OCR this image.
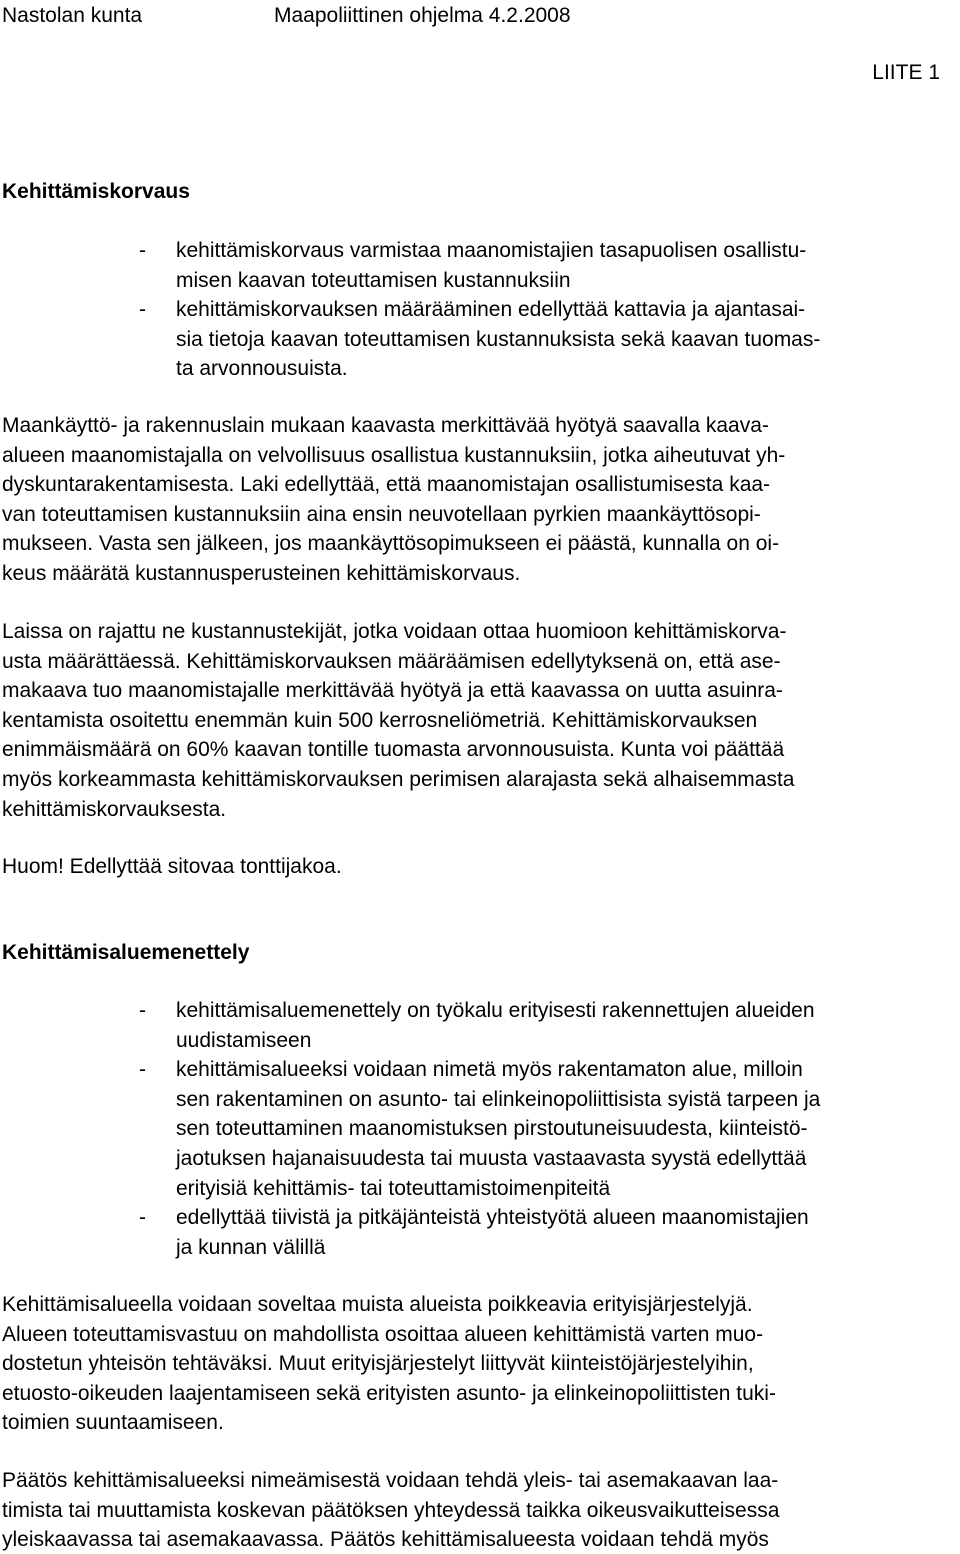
Nastolan kunta	Maapoliittinen ohjelma 4.2.2008
LIITE 1
Kehittämiskorvaus
- kehittämiskorvaus varmistaa maanomistajien tasapuolisen osallistu-
misen kaavan toteuttamisen kustannuksiin
- kehittämiskorvauksen määrääminen edellyttää kattavia ja ajantasai-
sia tietoja kaavan toteuttamisen kustannuksista sekä kaavan tuomas-
ta arvonnousuista.
Maankäyttö- ja rakennuslain mukaan kaavasta merkittävää hyötyä saavalla kaava-
alueen maanomistajalla on velvollisuus osallistua kustannuksiin, jotka aiheutuvat yh-
dyskuntarakentamisesta. Laki edellyttää, että maanomistajan osallistumisesta kaa-
van toteuttamisen kustannuksiin aina ensin neuvotellaan pyrkien maankäyttösopi-
mukseen. Vasta sen jälkeen, jos maankäyttösopimukseen ei päästä, kunnalla on oi-
keus määrätä kustannusperusteinen kehittämiskorvaus.
Laissa on rajattu ne kustannustekijät, jotka voidaan ottaa huomioon kehittämiskorva-
usta määrättäessä. Kehittämiskorvauksen määräämisen edellytyksenä on, että ase-
makaava tuo maanomistajalle merkittävää hyötyä ja että kaavassa on uutta asuinra-
kentamista osoitettu enemmän kuin 500 kerrosneliömetriä. Kehittämiskorvauksen
enimmäismäärä on 60% kaavan tontille tuomasta arvonnousuista. Kunta voi päättää
myös korkeammasta kehittämiskorvauksen perimisen alarajasta sekä alhaisemmasta
kehittämiskorvauksesta.
Huom! Edellyttää sitovaa tonttijakoa.
Kehittämisaluemenettely
- kehittämisaluemenettely on työkalu erityisesti rakennettujen alueiden
uudistamiseen
- kehittämisalueeksi voidaan nimetä myös rakentamaton alue, milloin
sen rakentaminen on asunto- tai elinkeinopoliittisista syistä tarpeen ja
sen toteuttaminen maanomistuksen pirstoutuneisuudesta, kiinteistö-
jaotuksen hajanaisuudesta tai muusta vastaavasta syystä edellyttää
erityisiä kehittämis- tai toteuttamistoimenpiteitä
- edellyttää tiivistä ja pitkäjänteistä yhteistyötä alueen maanomistajien
ja kunnan välillä
Kehittämisalueella voidaan soveltaa muista alueista poikkeavia erityisjärjestelyjä.
Alueen toteuttamisvastuu on mahdollista osoittaa alueen kehittämistä varten muo-
dostetun yhteisön tehtäväksi. Muut erityisjärjestelyt liittyvät kiinteistöjärjestelyihin,
etuosto-oikeuden laajentamiseen sekä erityisten asunto- ja elinkeinopoliittisten tuki-
toimien suuntaamiseen.
Päätös kehittämisalueeksi nimeämisestä voidaan tehdä yleis- tai asemakaavan laa-
timista tai muuttamista koskevan päätöksen yhteydessä taikka oikeusvaikutteisessa
yleiskaavassa tai asemakaavassa. Päätös kehittämisalueesta voidaan tehdä myös
